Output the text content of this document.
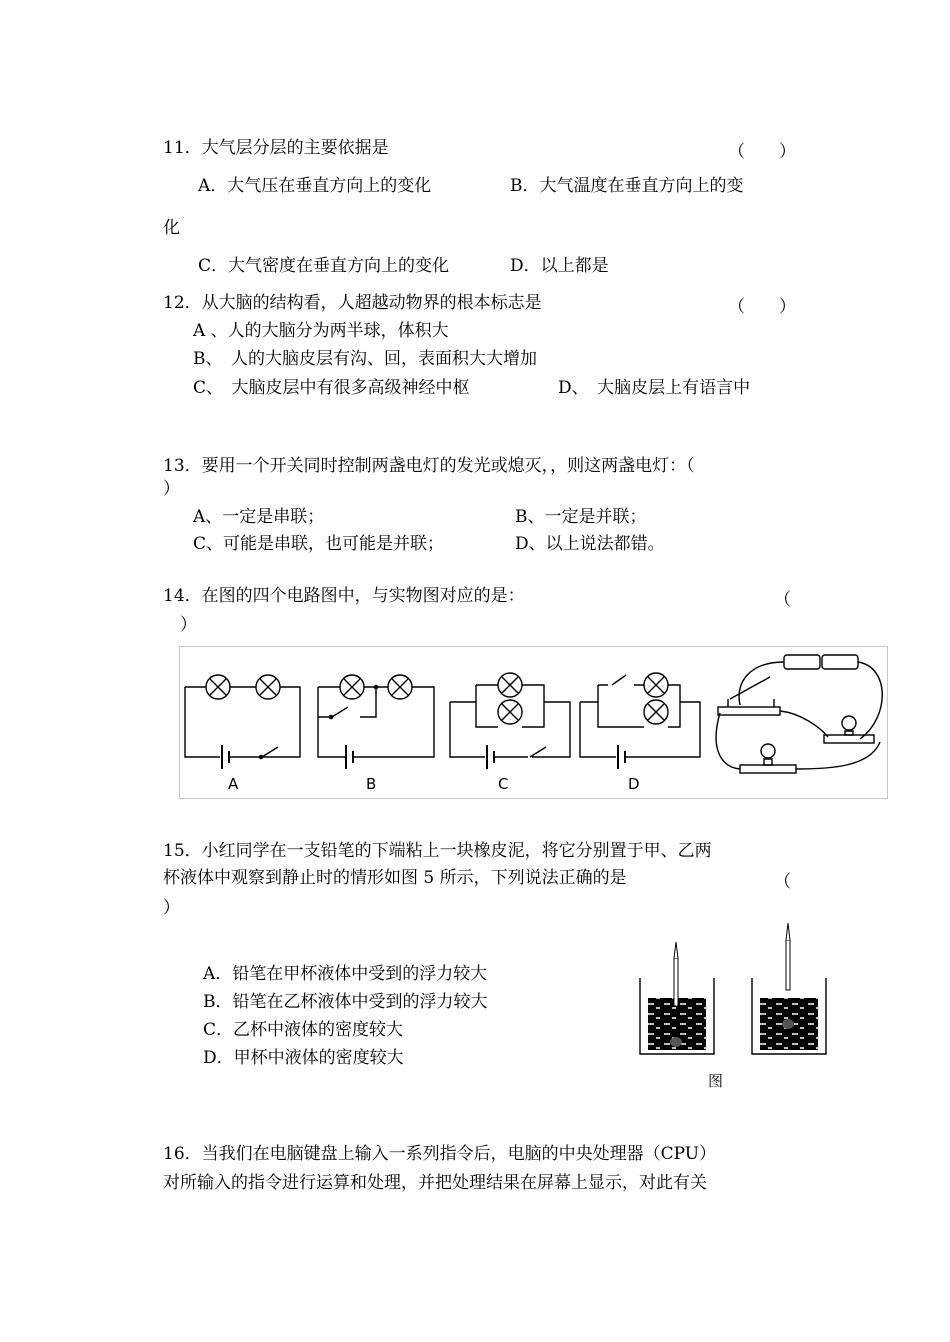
11．大气层分层的主要依据是	（　　）
A．大气压在垂直方向上的变化	B．大气温度在垂直方向上的变
化
C．大气密度在垂直方向上的变化	D．以上都是
12．从大脑的结构看，人超越动物界的根本标志是	（　　）
A 、人的大脑分为两半球，体积大
B、　人的大脑皮层有沟、回，表面积大大增加
C、　大脑皮层中有很多高级神经中枢	D、　大脑皮层上有语言中
13．要用一个开关同时控制两盏电灯的发光或熄灭，，则这两盏电灯：（
）
A、一定是串联；	B、一定是并联；
C、可能是串联，也可能是并联；	D、以上说法都错。
14．在图的四个电路图中，与实物图对应的是：	（
）
A	B	C	D
15．小红同学在一支铅笔的下端粘上一块橡皮泥，将它分别置于甲、乙两
杯液体中观察到静止时的情形如图 5 所示，下列说法正确的是	（
）
A．铅笔在甲杯液体中受到的浮力较大
B．铅笔在乙杯液体中受到的浮力较大
C．乙杯中液体的密度较大
D．甲杯中液体的密度较大
图
16．当我们在电脑键盘上输入一系列指令后，电脑的中央处理器（CPU）
对所输入的指令进行运算和处理，并把处理结果在屏幕上显示，对此有关
